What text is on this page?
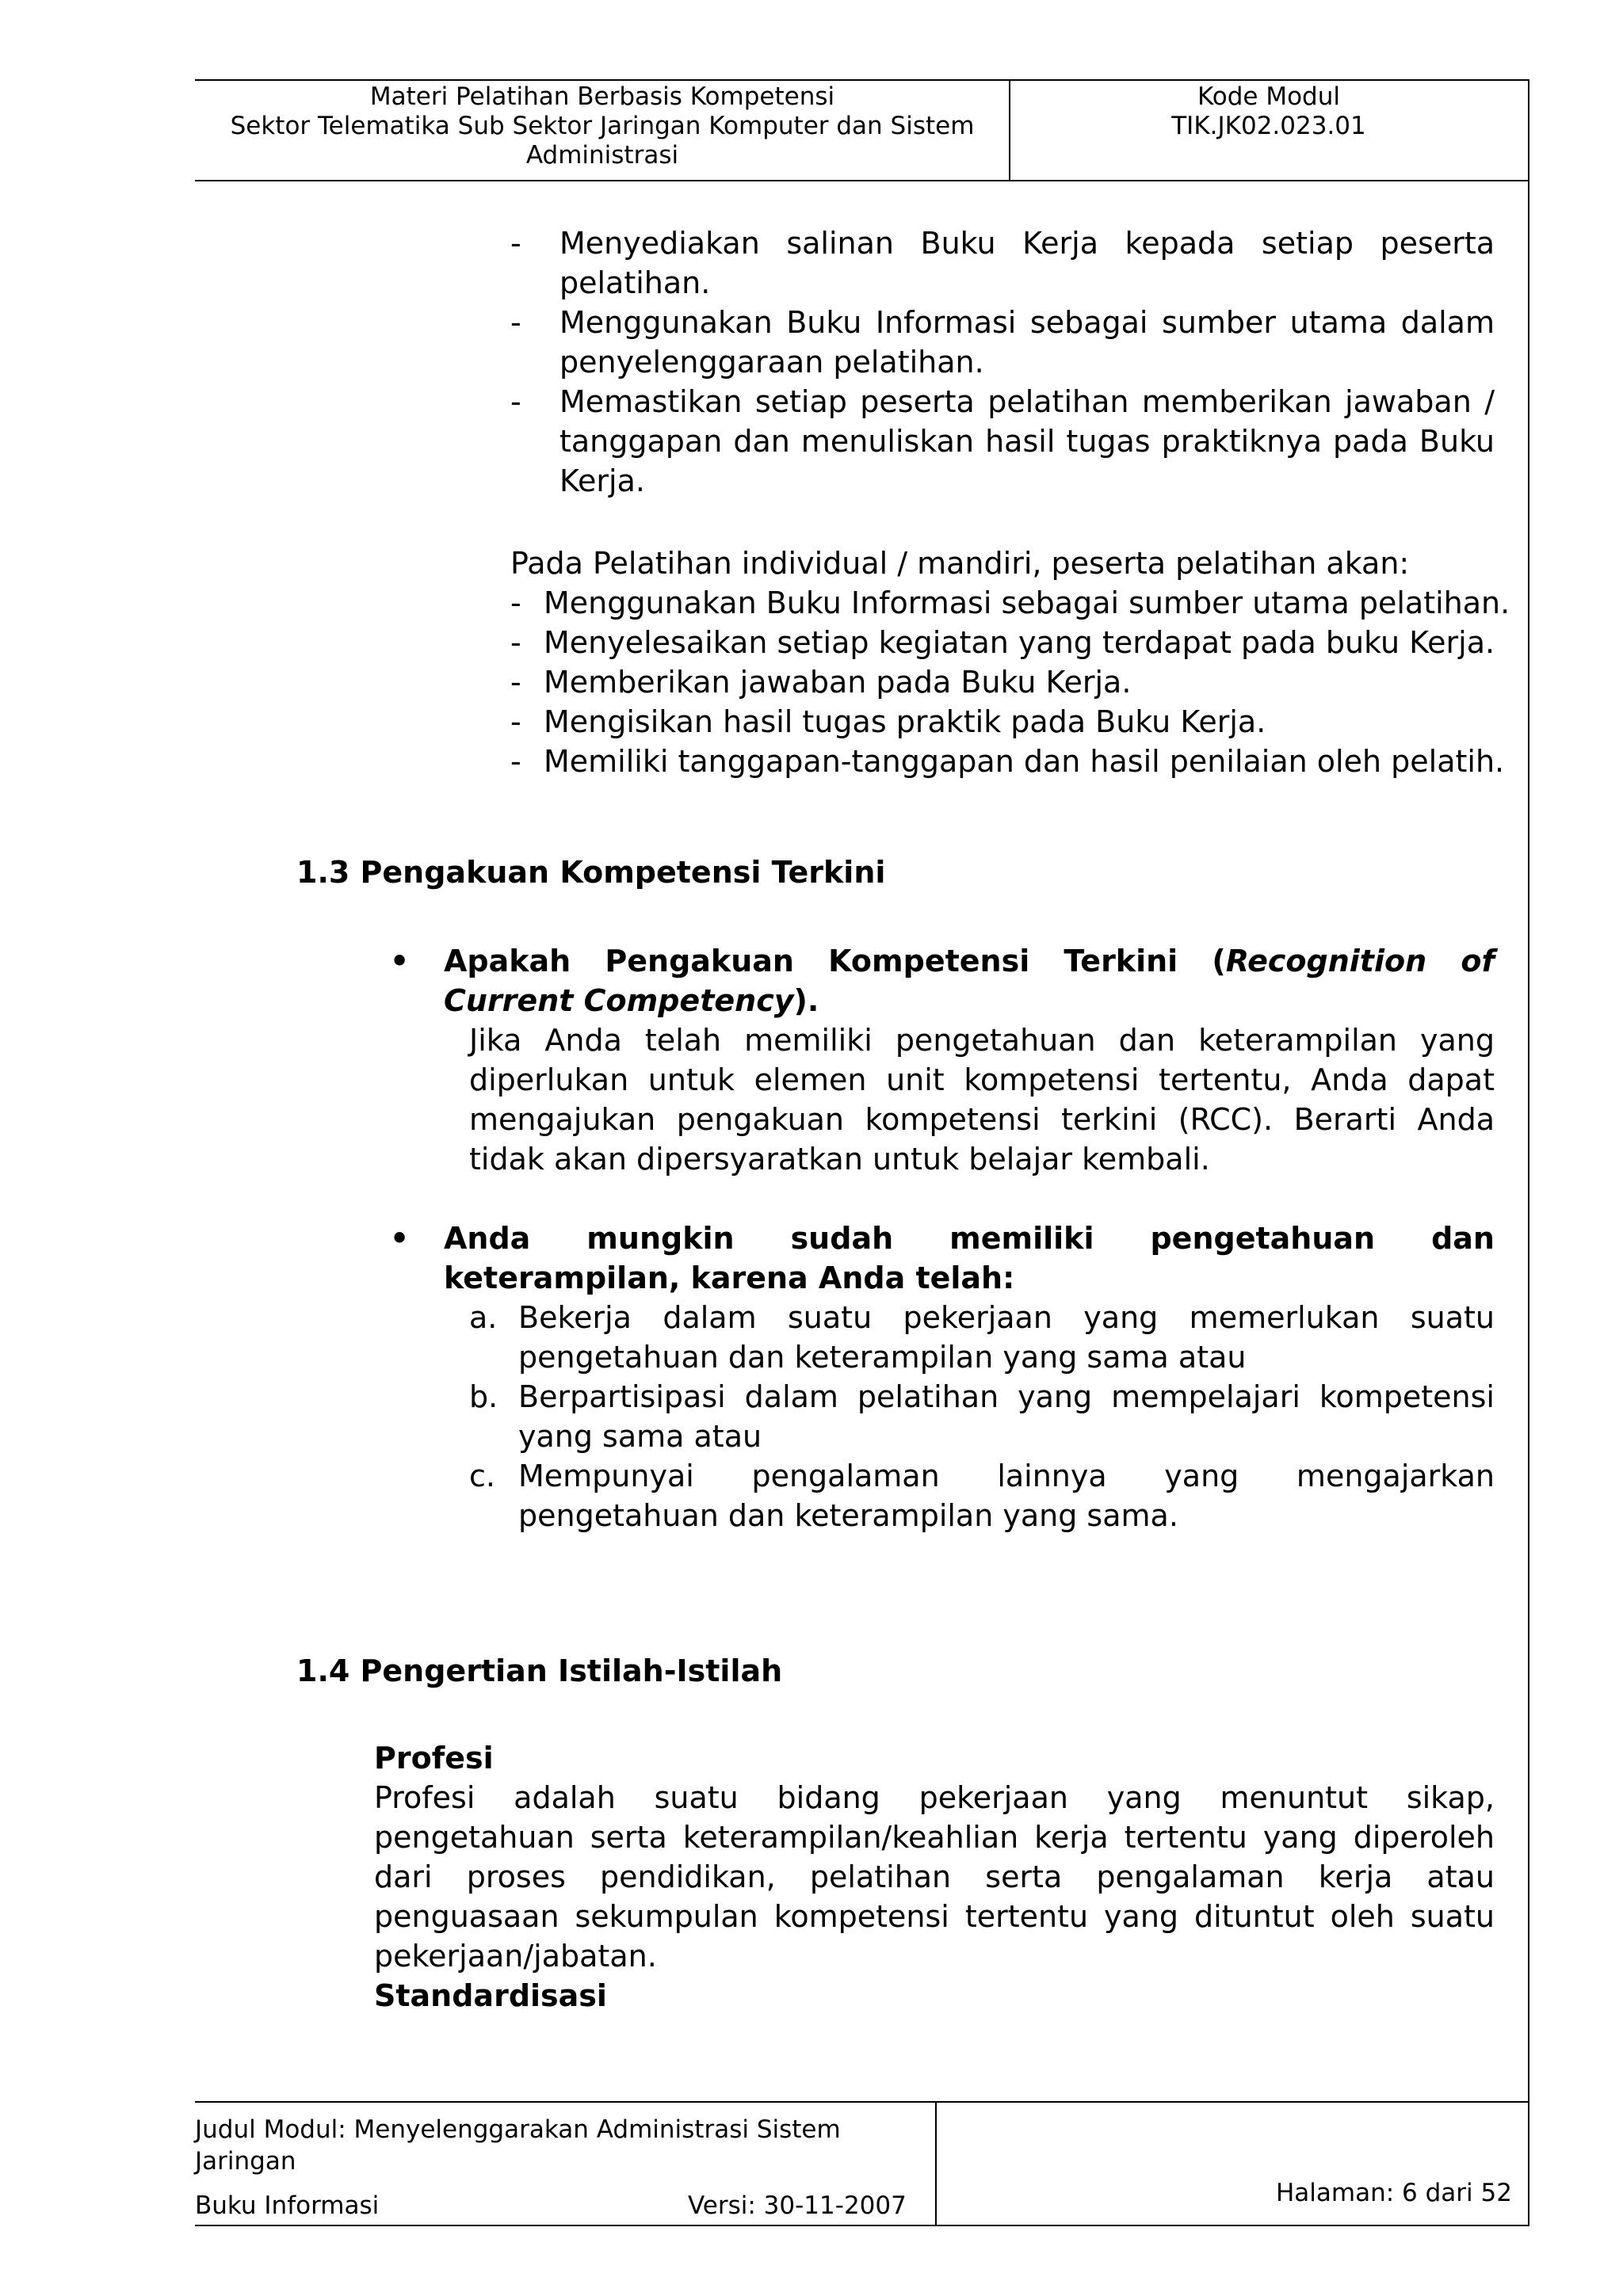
Materi Pelatihan Berbasis Kompetensi
Sektor Telematika Sub Sektor Jaringan Komputer dan Sistem
Administrasi
Kode Modul
TIK.JK02.023.01
- Menyediakan salinan Buku Kerja kepada setiap peserta pelatihan.
- Menggunakan Buku Informasi sebagai sumber utama dalam penyelenggaraan pelatihan.
- Memastikan setiap peserta pelatihan memberikan jawaban / tanggapan dan menuliskan hasil tugas praktiknya pada Buku Kerja.
Pada Pelatihan individual / mandiri, peserta pelatihan akan:
- Menggunakan Buku Informasi sebagai sumber utama pelatihan.
- Menyelesaikan setiap kegiatan yang terdapat pada buku Kerja.
- Memberikan jawaban pada Buku Kerja.
- Mengisikan hasil tugas praktik pada Buku Kerja.
- Memiliki tanggapan-tanggapan dan hasil penilaian oleh pelatih.
1.3 Pengakuan Kompetensi Terkini
• Apakah Pengakuan Kompetensi Terkini (Recognition of Current Competency).
Jika Anda telah memiliki pengetahuan dan keterampilan yang diperlukan untuk elemen unit kompetensi tertentu, Anda dapat mengajukan pengakuan kompetensi terkini (RCC). Berarti Anda tidak akan dipersyaratkan untuk belajar kembali.
• Anda mungkin sudah memiliki pengetahuan dan keterampilan, karena Anda telah:
a. Bekerja dalam suatu pekerjaan yang memerlukan suatu pengetahuan dan keterampilan yang sama atau
b. Berpartisipasi dalam pelatihan yang mempelajari kompetensi yang sama atau
c. Mempunyai pengalaman lainnya yang mengajarkan pengetahuan dan keterampilan yang sama.
1.4 Pengertian Istilah-Istilah
Profesi
Profesi adalah suatu bidang pekerjaan yang menuntut sikap, pengetahuan serta keterampilan/keahlian kerja tertentu yang diperoleh dari proses pendidikan, pelatihan serta pengalaman kerja atau penguasaan sekumpulan kompetensi tertentu yang dituntut oleh suatu pekerjaan/jabatan.
Standardisasi
Judul Modul: Menyelenggarakan Administrasi Sistem
Jaringan
Buku Informasi	Versi: 30-11-2007	Halaman: 6 dari 52
